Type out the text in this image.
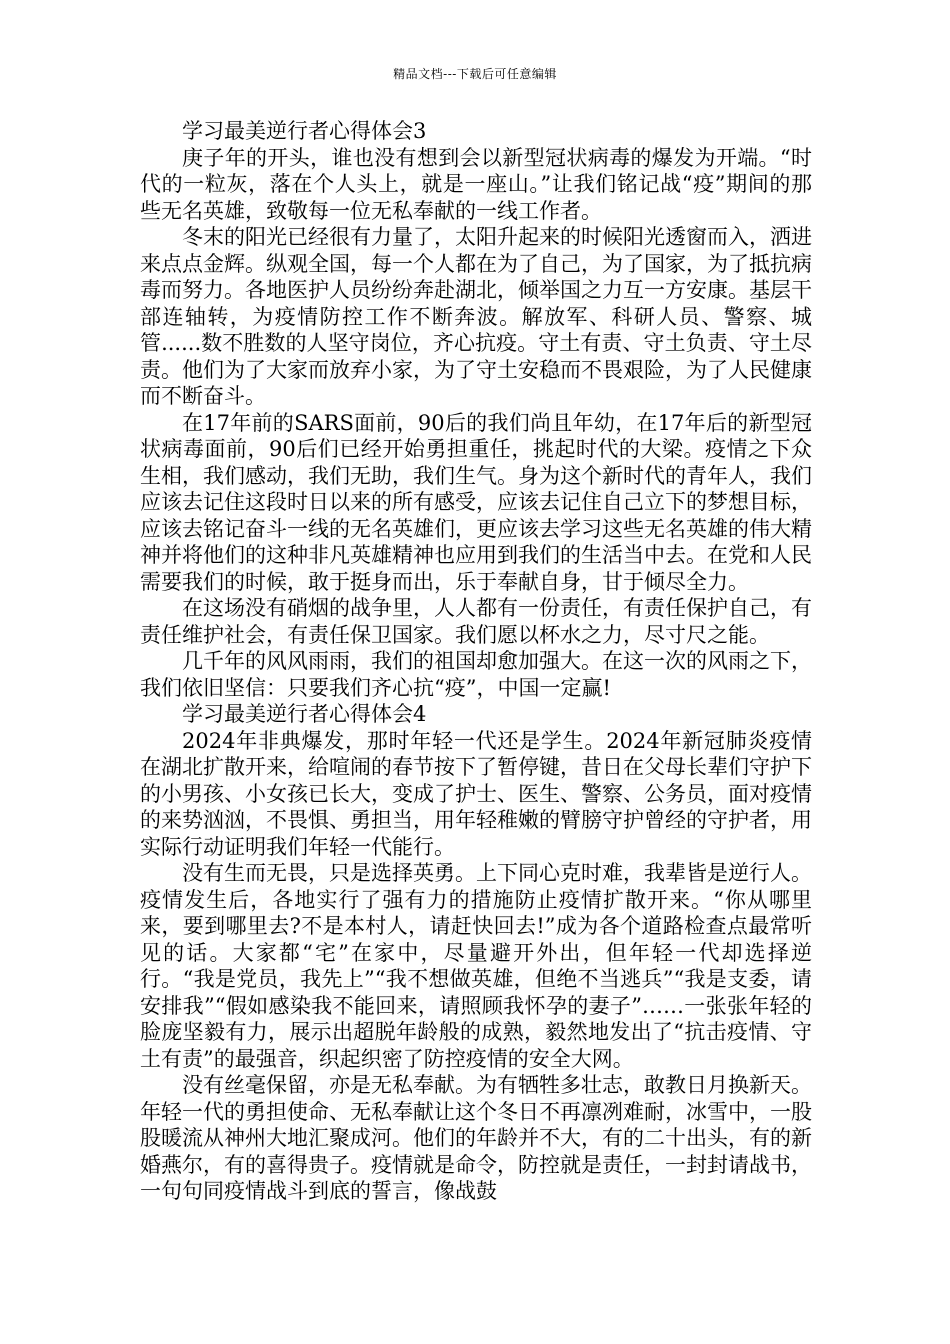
精品文档---下载后可任意编辑

学习最美逆行者心得体会3

庚子年的开头，谁也没有想到会以新型冠状病毒的爆发为开端。“时代的一粒灰，落在个人头上，就是一座山。”让我们铭记战“疫”期间的那些无名英雄，致敬每一位无私奉献的一线工作者。

冬末的阳光已经很有力量了，太阳升起来的时候阳光透窗而入，洒进来点点金辉。纵观全国，每一个人都在为了自己，为了国家，为了抵抗病毒而努力。各地医护人员纷纷奔赴湖北，倾举国之力互一方安康。基层干部连轴转，为疫情防控工作不断奔波。解放军、科研人员、警察、城管......数不胜数的人坚守岗位，齐心抗疫。守土有责、守土负责、守土尽责。他们为了大家而放弃小家，为了守土安稳而不畏艰险，为了人民健康而不断奋斗。

在17年前的SARS面前，90后的我们尚且年幼，在17年后的新型冠状病毒面前，90后们已经开始勇担重任，挑起时代的大梁。疫情之下众生相，我们感动，我们无助，我们生气。身为这个新时代的青年人，我们应该去记住这段时日以来的所有感受，应该去记住自己立下的梦想目标，应该去铭记奋斗一线的无名英雄们，更应该去学习这些无名英雄的伟大精神并将他们的这种非凡英雄精神也应用到我们的生活当中去。在党和人民需要我们的时候，敢于挺身而出，乐于奉献自身，甘于倾尽全力。

在这场没有硝烟的战争里，人人都有一份责任，有责任保护自己，有责任维护社会，有责任保卫国家。我们愿以杯水之力，尽寸尺之能。

几千年的风风雨雨，我们的祖国却愈加强大。在这一次的风雨之下，我们依旧坚信：只要我们齐心抗“疫”，中国一定赢!

学习最美逆行者心得体会4

2024年非典爆发，那时年轻一代还是学生。2024年新冠肺炎疫情在湖北扩散开来，给喧闹的春节按下了暂停键，昔日在父母长辈们守护下的小男孩、小女孩已长大，变成了护士、医生、警察、公务员，面对疫情的来势汹汹，不畏惧、勇担当，用年轻稚嫩的臂膀守护曾经的守护者，用实际行动证明我们年轻一代能行。

没有生而无畏，只是选择英勇。上下同心克时难，我辈皆是逆行人。疫情发生后，各地实行了强有力的措施防止疫情扩散开来。“你从哪里来，要到哪里去?不是本村人，请赶快回去!”成为各个道路检查点最常听见的话。大家都“宅”在家中，尽量避开外出，但年轻一代却选择逆行。“我是党员，我先上”“我不想做英雄，但绝不当逃兵”“我是支委，请安排我”“假如感染我不能回来，请照顾我怀孕的妻子”……一张张年轻的脸庞坚毅有力，展示出超脱年龄般的成熟，毅然地发出了“抗击疫情、守土有责”的最强音，织起织密了防控疫情的安全大网。

没有丝毫保留，亦是无私奉献。为有牺牲多壮志，敢教日月换新天。年轻一代的勇担使命、无私奉献让这个冬日不再凛冽难耐，冰雪中，一股股暖流从神州大地汇聚成河。他们的年龄并不大，有的二十出头，有的新婚燕尔，有的喜得贵子。疫情就是命令，防控就是责任，一封封请战书，一句句同疫情战斗到底的誓言，像战鼓
